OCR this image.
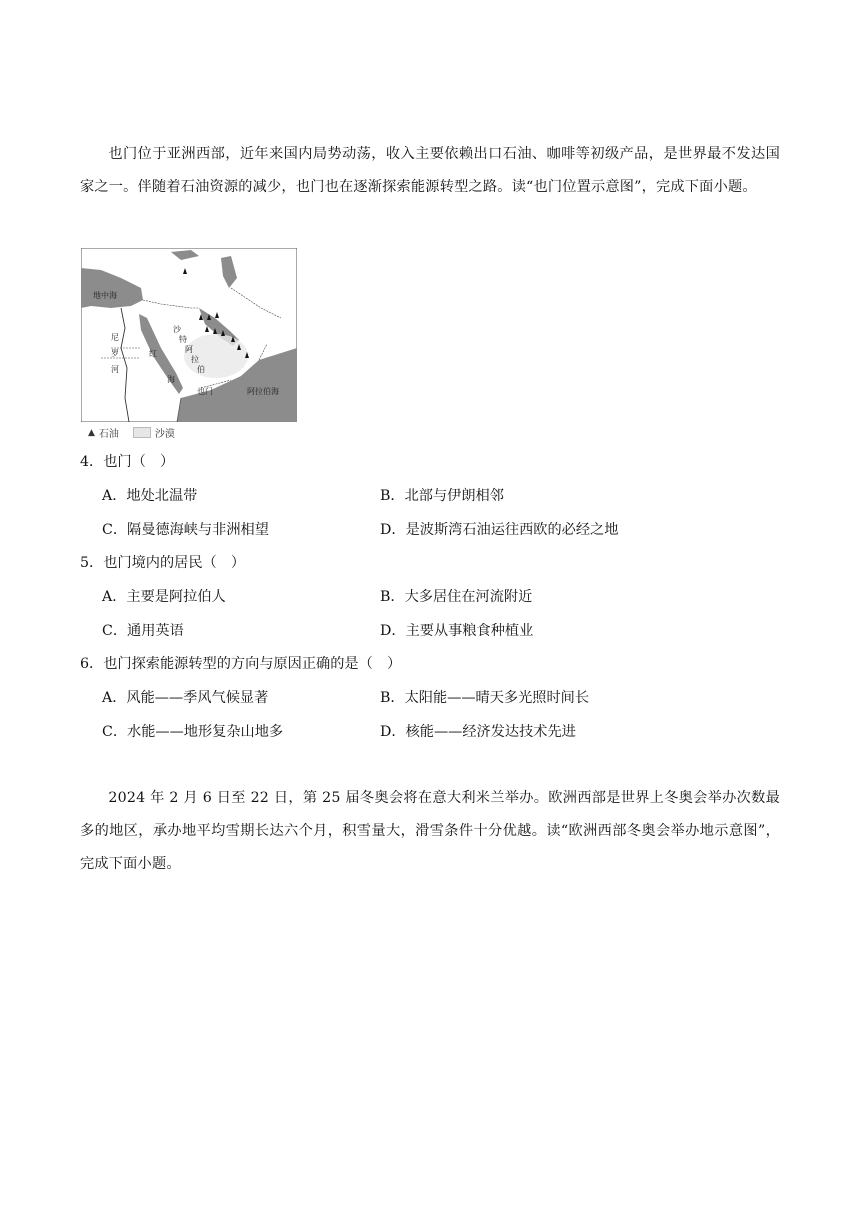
也门位于亚洲西部，近年来国内局势动荡，收入主要依赖出口石油、咖啡等初级产品，是世界最不发达国家之一。伴随着石油资源的减少，也门也在逐渐探索能源转型之路。读“也门位置示意图”，完成下面小题。
地中海
沙
特
阿
拉
伯
红
海
尼
罗
河
也门	阿拉伯海
▲ 石油	沙漠
4．也门（　）
A．地处北温带	B．北部与伊朗相邻
C．隔曼德海峡与非洲相望	D．是波斯湾石油运往西欧的必经之地
5．也门境内的居民（　）
A．主要是阿拉伯人	B．大多居住在河流附近
C．通用英语	D．主要从事粮食种植业
6．也门探索能源转型的方向与原因正确的是（　）
A．风能——季风气候显著	B．太阳能——晴天多光照时间长
C．水能——地形复杂山地多	D．核能——经济发达技术先进
2024 年 2 月 6 日至 22 日，第 25 届冬奥会将在意大利米兰举办。欧洲西部是世界上冬奥会举办次数最多的地区，承办地平均雪期长达六个月，积雪量大，滑雪条件十分优越。读“欧洲西部冬奥会举办地示意图”，完成下面小题。
